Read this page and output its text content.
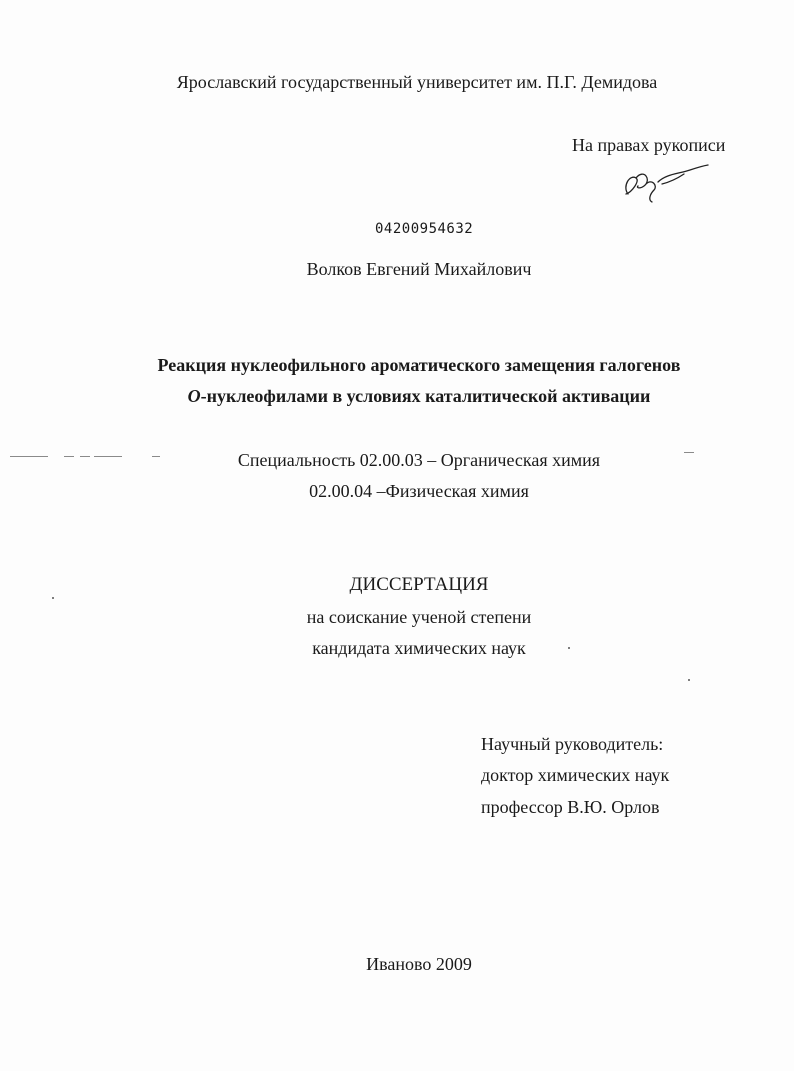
Ярославский государственный университет им. П.Г. Демидова
На правах рукописи
04200954632
Волков Евгений Михайлович
Реакция нуклеофильного ароматического замещения галогенов
O-нуклеофилами в условиях каталитической активации
Специальность 02.00.03 – Органическая химия
02.00.04 –Физическая химия
ДИССЕРТАЦИЯ
на соискание ученой степени
кандидата химических наук
Научный руководитель:
доктор химических наук
профессор В.Ю. Орлов
Иваново 2009
